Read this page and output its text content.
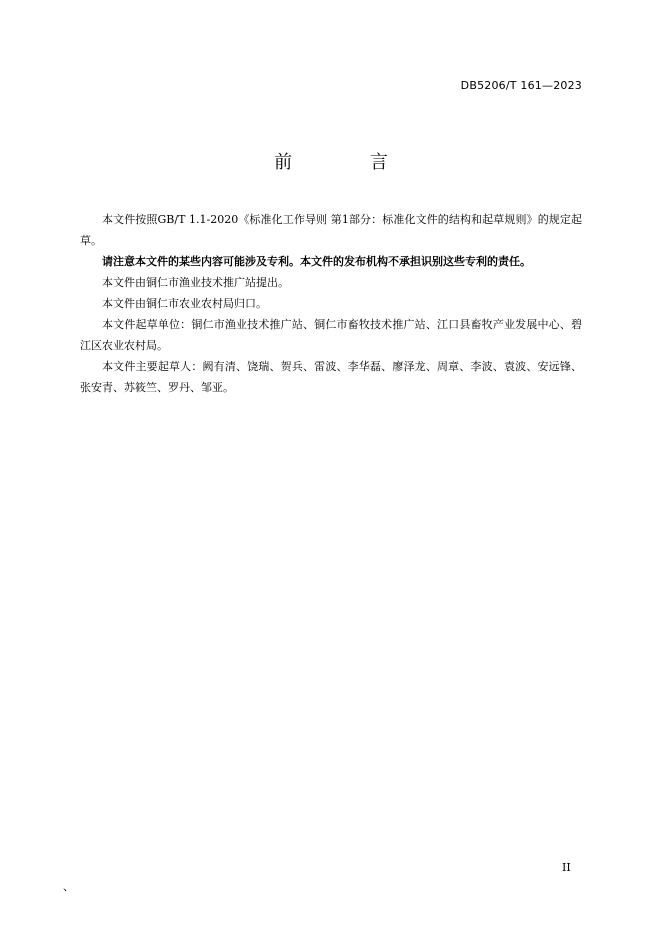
DB5206/T 161—2023
前 言

本文件按照GB/T 1.1-2020《标准化工作导则 第1部分：标准化文件的结构和起草规则》的规定起草。

请注意本文件的某些内容可能涉及专利。本文件的发布机构不承担识别这些专利的责任。

本文件由铜仁市渔业技术推广站提出。

本文件由铜仁市农业农村局归口。

本文件起草单位：铜仁市渔业技术推广站、铜仁市畜牧技术推广站、江口县畜牧产业发展中心、碧江区农业农村局。

本文件主要起草人：阙有清、饶瑞、贺兵、雷波、李华磊、廖泽龙、周章、李波、袁波、安远锋、张安青、苏筱竺、罗丹、邹亚。

II
、
